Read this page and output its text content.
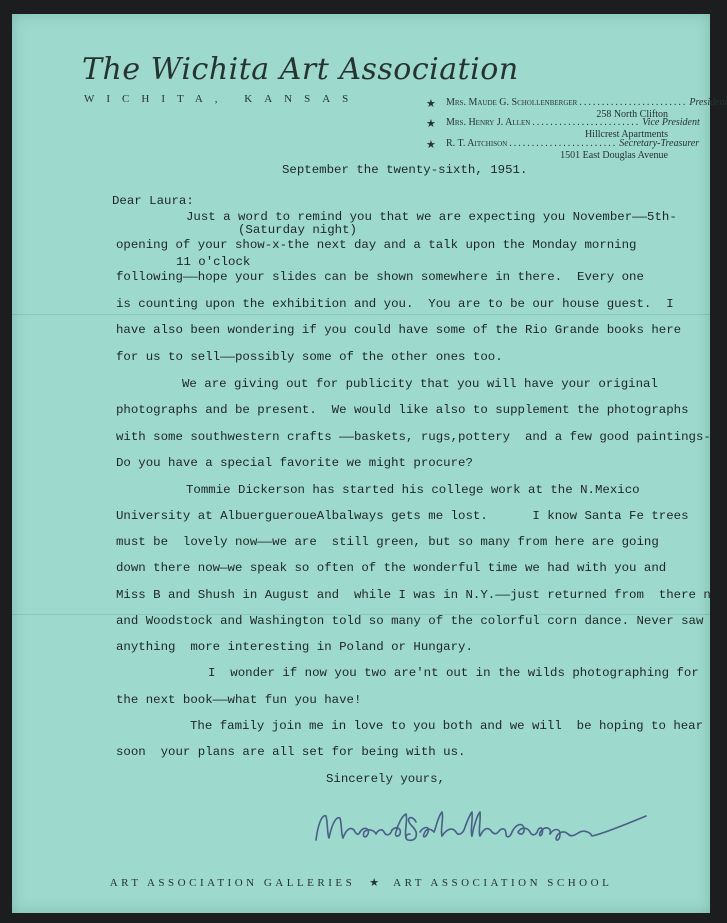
The Wichita Art Association
WICHITA, KANSAS	★ Mrs. Maude G. Schollenberger ........................ President
258 North Clifton
★ Mrs. Henry J. Allen ........................ Vice President
Hillcrest Apartments
★ R. T. Aitchison ........................ Secretary-Treasurer
1501 East Douglas Avenue
September the twenty-sixth, 1951.
Dear Laura:
Just a word to remind you that we are expecting you November——5th-
(Saturday night)
opening of your show-x-the next day and a talk upon the Monday morning
11 o'clock
following——hope your slides can be shown somewhere in there.  Every one
is counting upon the exhibition and you.  You are to be our house guest.  I
have also been wondering if you could have some of the Rio Grande books here
for us to sell——possibly some of the other ones too.
We are giving out for publicity that you will have your original
photographs and be present.  We would like also to supplement the photographs
with some southwestern crafts ——baskets, rugs,pottery  and a few good paintings-
Do you have a special favorite we might procure?
Tommie Dickerson has started his college work at the N.Mexico
University at AlbuergueroueAlbalways gets me lost.      I know Santa Fe trees
must be  lovely now——we are  still green, but so many from here are going
down there now—we speak so often of the wonderful time we had with you and
Miss B and Shush in August and  while I was in N.Y.——just returned from  there n
and Woodstock and Washington told so many of the colorful corn dance. Never saw
anything  more interesting in Poland or Hungary.
I  wonder if now you two are'nt out in the wilds photographing for
the next book——what fun you have!
The family join me in love to you both and we will  be hoping to hear
soon  your plans are all set for being with us.
Sincerely yours,
ART ASSOCIATION GALLERIES ★ ART ASSOCIATION SCHOOL
